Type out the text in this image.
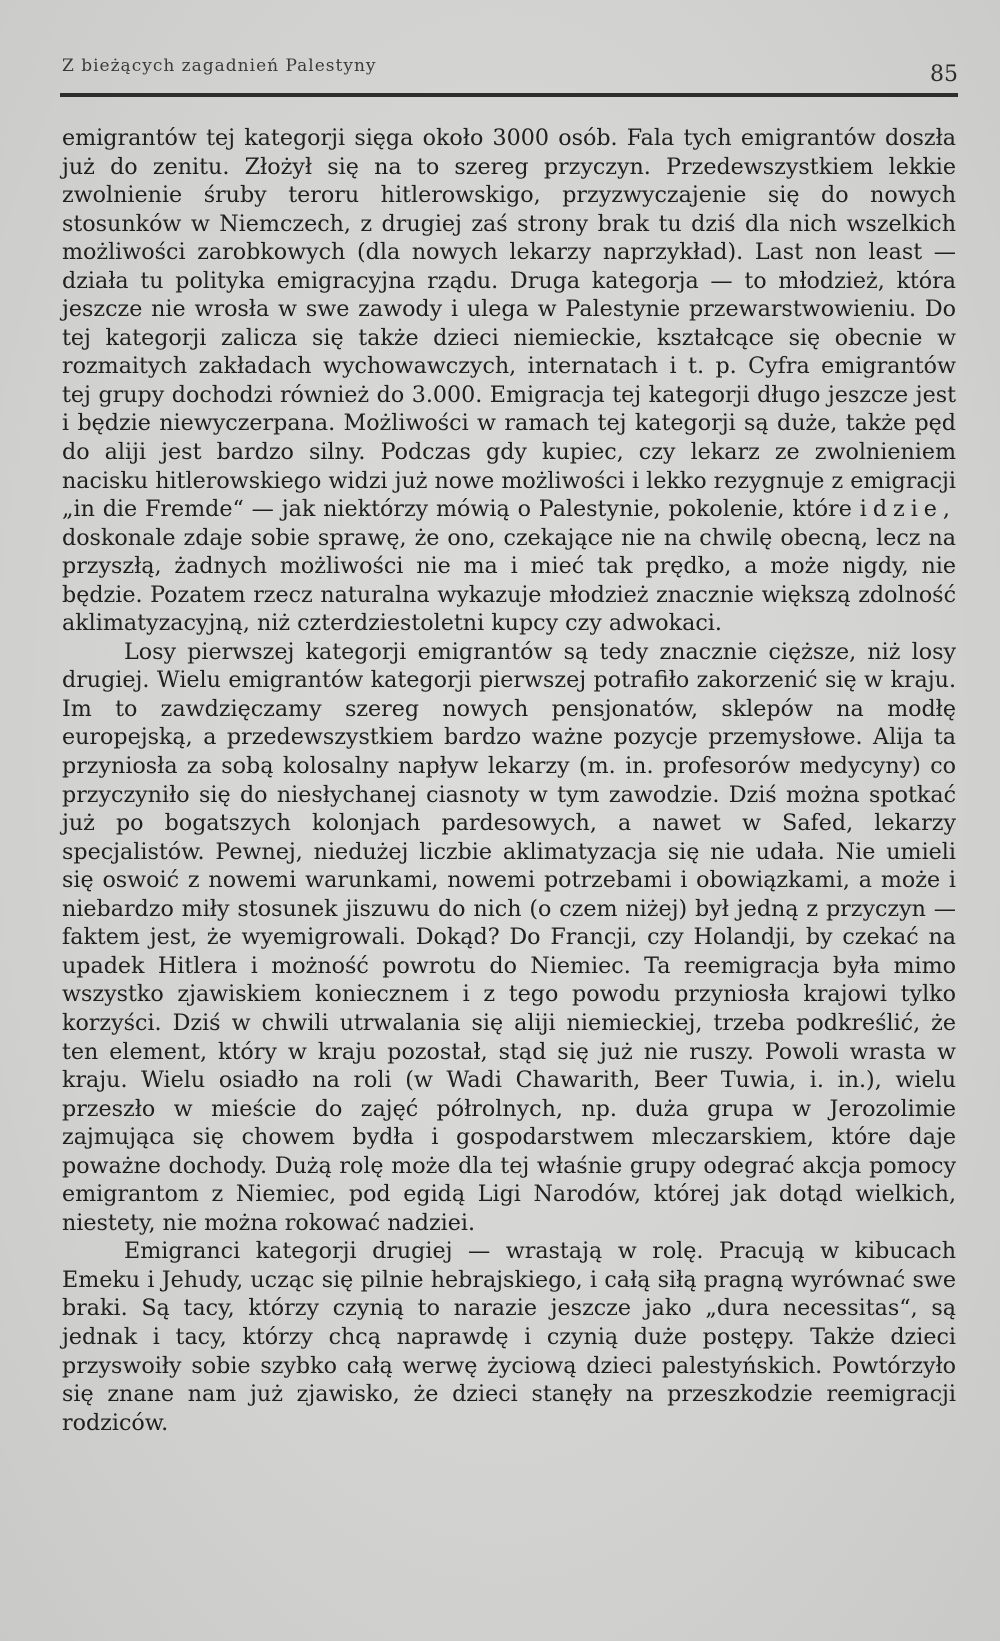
Z bieżących zagadnień Palestyny	85

emigrantów tej kategorji sięga około 3000 osób. Fala tych emigrantów doszła już do zenitu. Złożył się na to szereg przyczyn. Przedewszystkiem lekkie zwolnienie śruby teroru hitlerowskigo, przyzwyczajenie się do nowych stosunków w Niemczech, z drugiej zaś strony brak tu dziś dla nich wszelkich możliwości zarobkowych (dla nowych lekarzy naprzykład). Last non least — działa tu polityka emigracyjna rządu. Druga kategorja — to młodzież, która jeszcze nie wrosła w swe zawody i ulega w Palestynie przewarstwowieniu. Do tej kategorji zalicza się także dzieci niemieckie, kształcące się obecnie w rozmaitych zakładach wychowawczych, internatach i t. p. Cyfra emigrantów tej grupy dochodzi również do 3.000. Emigracja tej kategorji długo jeszcze jest i będzie niewyczerpana. Możliwości w ramach tej kategorji są duże, także pęd do aliji jest bardzo silny. Podczas gdy kupiec, czy lekarz ze zwolnieniem nacisku hitlerowskiego widzi już nowe możliwości i lekko rezygnuje z emigracji „in die Fremde“ — jak niektórzy mówią o Palestynie, pokolenie, które idzie, doskonale zdaje sobie sprawę, że ono, czekające nie na chwilę obecną, lecz na przyszłą, żadnych możliwości nie ma i mieć tak prędko, a może nigdy, nie będzie. Pozatem rzecz naturalna wykazuje młodzież znacznie większą zdolność aklimatyzacyjną, niż czterdziestoletni kupcy czy adwokaci.

Losy pierwszej kategorji emigrantów są tedy znacznie cięższe, niż losy drugiej. Wielu emigrantów kategorji pierwszej potrafiło zakorzenić się w kraju. Im to zawdzięczamy szereg nowych pensjonatów, sklepów na modłę europejską, a przedewszystkiem bardzo ważne pozycje przemysłowe. Alija ta przyniosła za sobą kolosalny napływ lekarzy (m. in. profesorów medycyny) co przyczyniło się do niesłychanej ciasnoty w tym zawodzie. Dziś można spotkać już po bogatszych kolonjach pardesowych, a nawet w Safed, lekarzy specjalistów. Pewnej, niedużej liczbie aklimatyzacja się nie udała. Nie umieli się oswoić z nowemi warunkami, nowemi potrzebami i obowiązkami, a może i niebardzo miły stosunek jiszuwu do nich (o czem niżej) był jedną z przyczyn — faktem jest, że wyemigrowali. Dokąd? Do Francji, czy Holandji, by czekać na upadek Hitlera i możność powrotu do Niemiec. Ta reemigracja była mimo wszystko zjawiskiem koniecznem i z tego powodu przyniosła krajowi tylko korzyści. Dziś w chwili utrwalania się aliji niemieckiej, trzeba podkreślić, że ten element, który w kraju pozostał, stąd się już nie ruszy. Powoli wrasta w kraju. Wielu osiadło na roli (w Wadi Chawarith, Beer Tuwia, i. in.), wielu przeszło w mieście do zajęć półrolnych, np. duża grupa w Jerozolimie zajmująca się chowem bydła i gospodarstwem mleczarskiem, które daje poważne dochody. Dużą rolę może dla tej właśnie grupy odegrać akcja pomocy emigrantom z Niemiec, pod egidą Ligi Narodów, której jak dotąd wielkich, niestety, nie można rokować nadziei.

Emigranci kategorji drugiej — wrastają w rolę. Pracują w kibucach Emeku i Jehudy, ucząc się pilnie hebrajskiego, i całą siłą pragną wyrównać swe braki. Są tacy, którzy czynią to narazie jeszcze jako „dura necessitas“, są jednak i tacy, którzy chcą naprawdę i czynią duże postępy. Także dzieci przyswoiły sobie szybko całą werwę życiową dzieci palestyńskich. Powtórzyło się znane nam już zjawisko, że dzieci stanęły na przeszkodzie reemigracji rodziców.
